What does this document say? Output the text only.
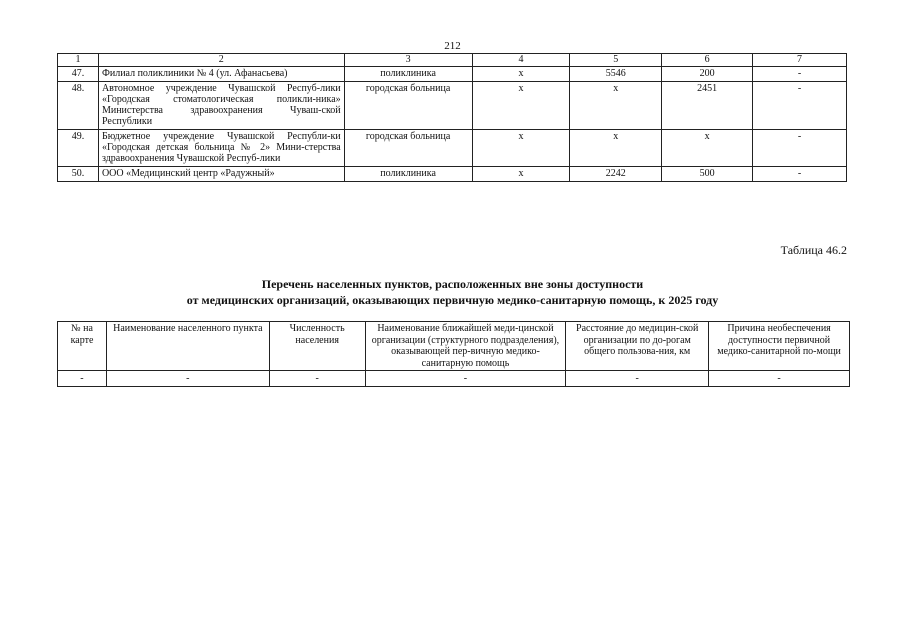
212
1	2	3	4	5	6	7
47.	Филиал поликлиники № 4 (ул. Афанасьева)	поликлиника	х	5546	200	-
48.	Автономное учреждение Чувашской Респуб-лики «Городская стоматологическая поликли-ника» Министерства здравоохранения Чуваш-ской Республики	городская больница	х	х	2451	-
49.	Бюджетное учреждение Чувашской Республи-ки «Городская детская больница № 2» Мини-стерства здравоохранения Чувашской Респуб-лики	городская больница	х	х	х	-
50.	ООО «Медицинский центр «Радужный»	поликлиника	х	2242	500	-
Таблица 46.2
Перечень населенных пунктов, расположенных вне зоны доступности
от медицинских организаций, оказывающих первичную медико-санитарную помощь, к 2025 году
№ на карте	Наименование населенного пункта	Численность населения	Наименование ближайшей меди-цинской организации (структурного подразделения), оказывающей пер-вичную медико-санитарную помощь	Расстояние до медицин-ской организации по до-рогам общего пользова-ния, км	Причина необеспечения доступности первичной медико-санитарной по-мощи
-	-	-	-	-	-
